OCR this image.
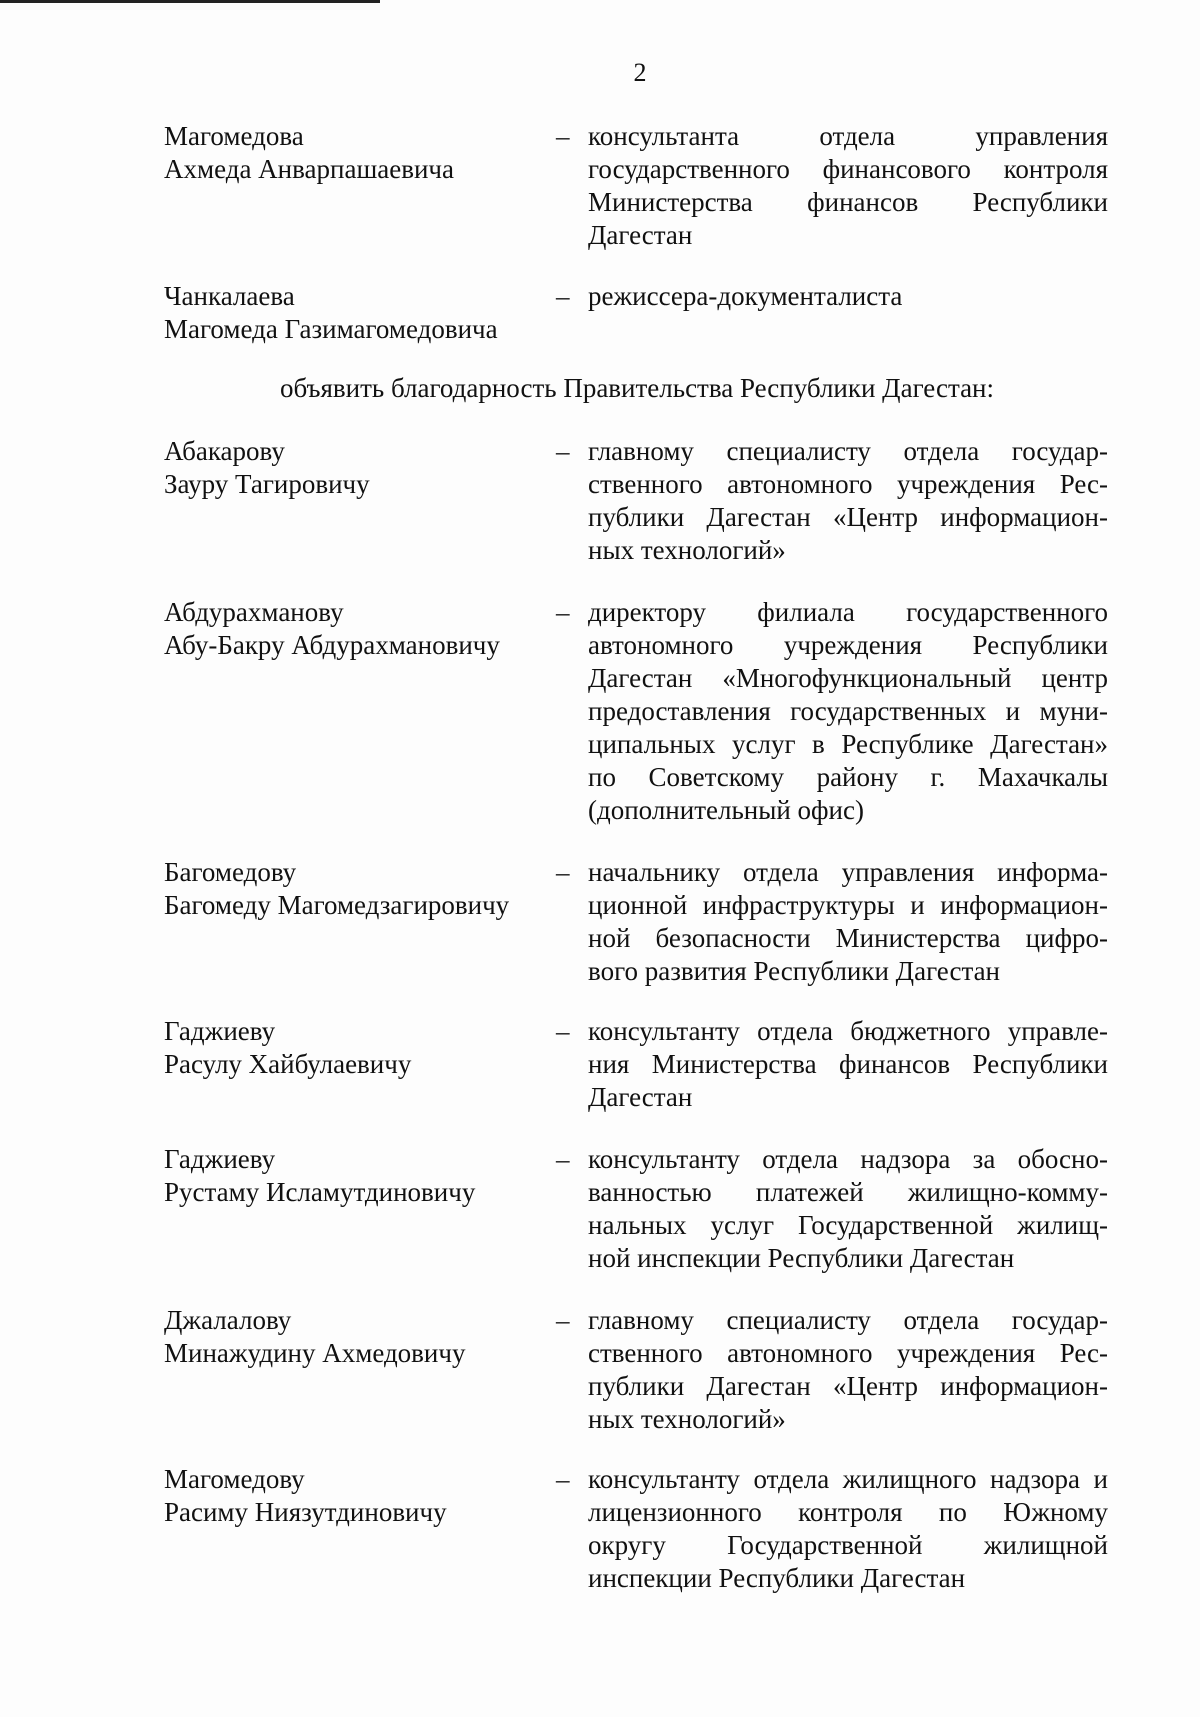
2
Магомедова
Ахмеда Анварпашаевича
– консультанта отдела управления
государственного финансового контроля
Министерства финансов Республики
Дагестан
Чанкалаева
Магомеда Газимагомедовича
– режиссера-документалиста
объявить благодарность Правительства Республики Дагестан:
Абакарову
Зауру Тагировичу
– главному специалисту отдела государ-
ственного автономного учреждения Рес-
публики Дагестан «Центр информацион-
ных технологий»
Абдурахманову
Абу-Бакру Абдурахмановичу
– директору филиала государственного
автономного учреждения Республики
Дагестан «Многофункциональный центр
предоставления государственных и муни-
ципальных услуг в Республике Дагестан»
по Советскому району г. Махачкалы
(дополнительный офис)
Багомедову
Багомеду Магомедзагировичу
– начальнику отдела управления информа-
ционной инфраструктуры и информацион-
ной безопасности Министерства цифро-
вого развития Республики Дагестан
Гаджиеву
Расулу Хайбулаевичу
– консультанту отдела бюджетного управле-
ния Министерства финансов Республики
Дагестан
Гаджиеву
Рустаму Исламутдиновичу
– консультанту отдела надзора за обосно-
ванностью платежей жилищно-комму-
нальных услуг Государственной жилищ-
ной инспекции Республики Дагестан
Джалалову
Минажудину Ахмедовичу
– главному специалисту отдела государ-
ственного автономного учреждения Рес-
публики Дагестан «Центр информацион-
ных технологий»
Магомедову
Расиму Ниязутдиновичу
– консультанту отдела жилищного надзора и
лицензионного контроля по Южному
округу Государственной жилищной
инспекции Республики Дагестан
